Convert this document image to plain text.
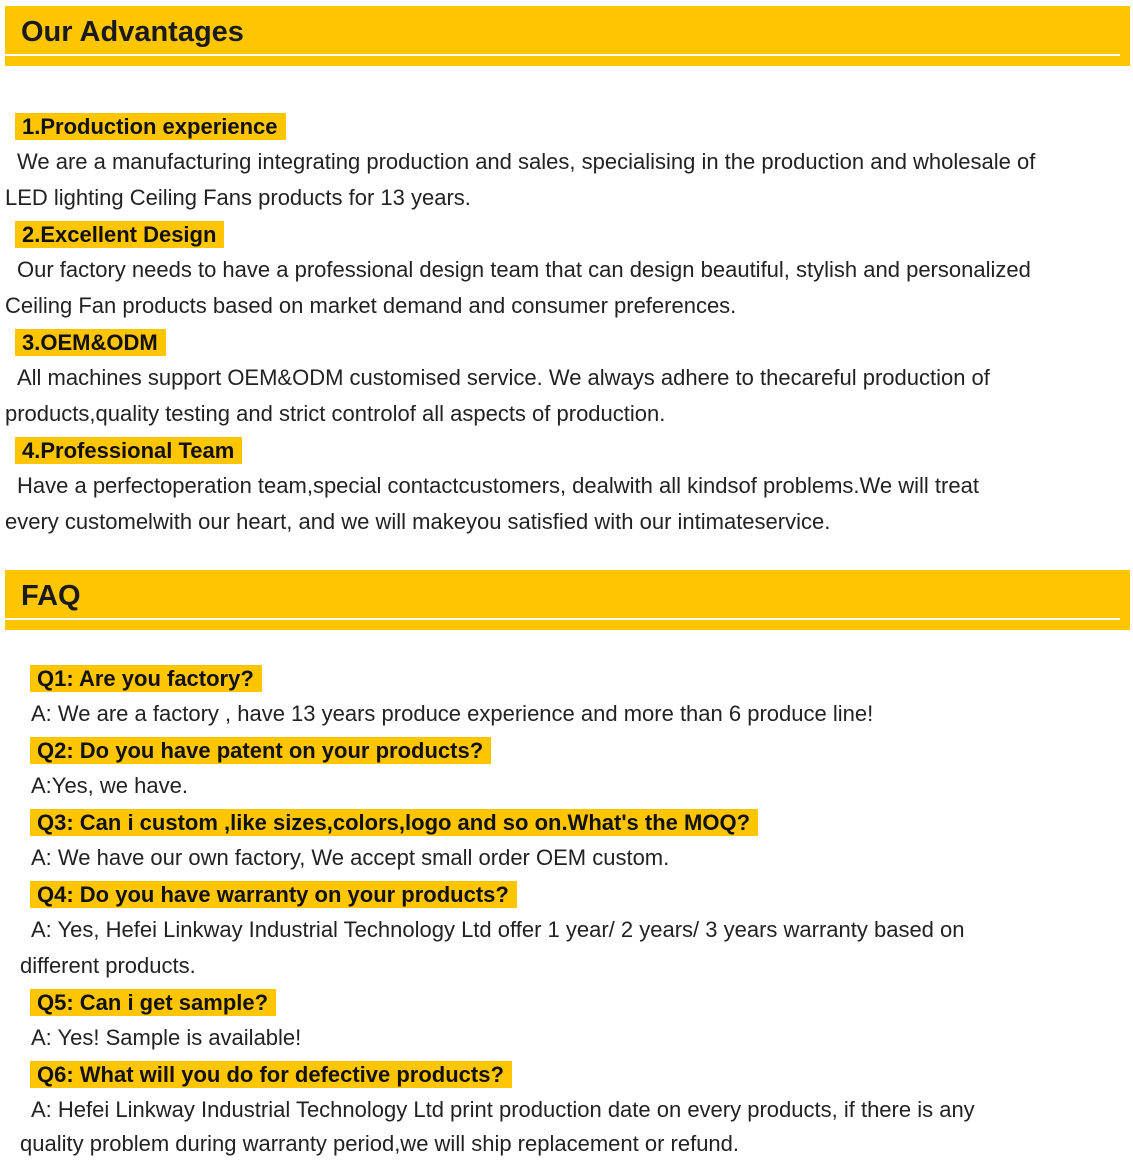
Our Advantages
1.Production experience
We are a manufacturing integrating production and sales, specialising in the production and wholesale of
LED lighting Ceiling Fans products for 13 years.
2.Excellent Design
Our factory needs to have a professional design team that can design beautiful, stylish and personalized
Ceiling Fan products based on market demand and consumer preferences.
3.OEM&ODM
All machines support OEM&ODM customised service. We always adhere to thecareful production of
products,quality testing and strict controlof all aspects of production.
4.Professional Team
Have a perfectoperation team,special contactcustomers, dealwith all kindsof problems.We will treat
every customelwith our heart, and we will makeyou satisfied with our intimateservice.
FAQ
Q1: Are you factory?
A: We are a factory , have 13 years produce experience and more than 6 produce line!
Q2: Do you have patent on your products?
A:Yes, we have.
Q3: Can i custom ,like sizes,colors,logo and so on.What's the MOQ?
A: We have our own factory, We accept small order OEM custom.
Q4: Do you have warranty on your products?
A: Yes, Hefei Linkway Industrial Technology Ltd offer 1 year/ 2 years/ 3 years warranty based on
different products.
Q5: Can i get sample?
A: Yes! Sample is available!
Q6: What will you do for defective products?
A: Hefei Linkway Industrial Technology Ltd print production date on every products, if there is any
quality problem during warranty period,we will ship replacement or refund.
